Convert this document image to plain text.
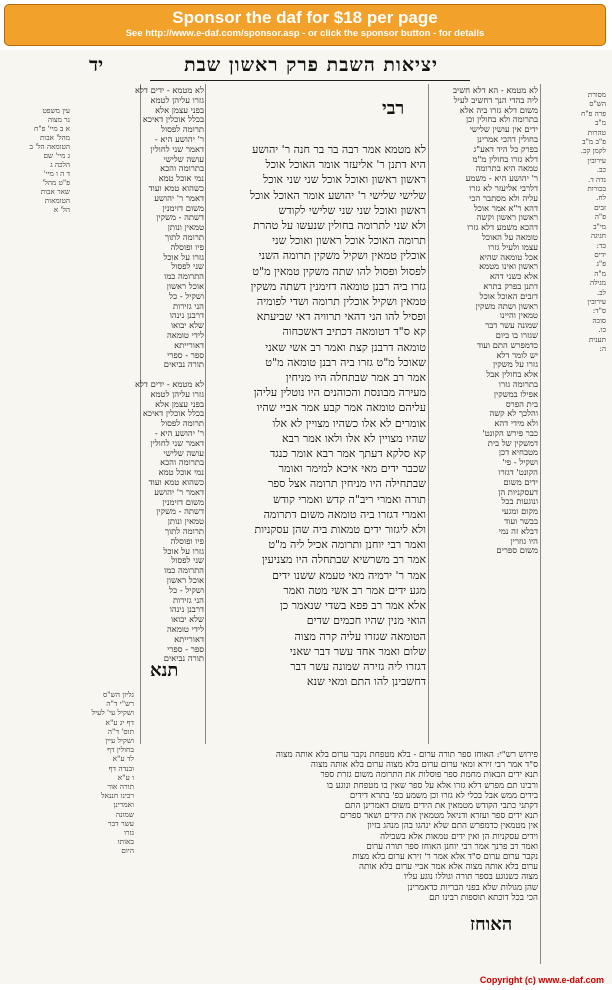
Sponsor the daf for $18 per page
See http://www.e-daf.com/sponsor.asp - or click the sponsor button - for details
יד	יציאות השבת פרק ראשון שבת
רבי
לא מטמא אמר רבה בר בר חנה ר' יהושע
היא דתנן ר' אליעזר אומר האוכל אוכל
ראשון ראשון ואוכל אוכל שני שני אוכל
שלישי שלישי ר' יהושע אומר האוכל אוכל
ראשון ואוכל שני שני שלישי לקודש
ולא שני לתרומה בחולין שנעשו על טהרת
תרומה האוכל אוכל ראשון ואוכל שני
אוכלין טמאין ושקיל משקין תרומה השני
לפסול ופסול להו שתה משקין טמאין מ"ט
גזרו ביה רבנן טומאה דזימנין דשתה משקין
טמאין ושקיל אוכלין תרומה ושדי לפומיה
ופסיל להו הני דהאי תרוויה דאי שביעתא
קא ס"ד דטומאה דכתיב דאשכחוה
טומאה דרבנן קצת ואמר רב אשי שאני
שאוכל מ"ט גזרו ביה רבנן טומאה מ"ט
אמר רב אמר שבתחלה היו מניחין
מעירה מבונסת והכוהנים היו נוטלין עליהן
עליהם טומאה אמר קבע אמר אביי שהיו
אומרים לא אלו כשהיו מצויין לא אלו
שהיו מצויין לא אלו ולאו אמר רבא
קא סלקא דעתך אמר רבא אומר כנגד
שכבר ידים מאי איכא למימר ואומר
שבתחילה היו מניחין תרומה אצל ספר
תורה ואמרי ריב"ה קדש ואמרי קודש
ואמרי דגזרו ביה טומאה משום דתרומה
ולא ליגזור ידים טמאות ביה שהן עסקניות
ואמר רבי יוחנן ותרומה אכיל ליה מ"ט
אמר רב משרשיא שבתחלה היו מצניעין
אמר ר' ירמיה מאי טעמא ששנו ידים
מגע ידים אמר רב אשי מטה ואמר
אלא אמר רב פפא בשדי שנאמר כן
הואי מנין שהיו חכמים שדים
הטומאה שגזרו עליה קרה מצוה
שלום ואמר אחד עשר דבר שאני
דגזרו ליה גזירה שמונה עשר דבר
דחשבינן להו התם ומאי שנא
לא מטמא - ידים דלא
גזרו עליהן לטמא
בפני עצמן אלא
בכלל אוכלין דאיכא
תרומה לפסול
ר' יהושע היא -
דאמר שני לחולין
עושה שלישי
בתרומה והכא
נמי אוכל טמא
כשהוא טמא ועוד
דאמר ר' יהושע
משום דזימנין
דשתה - משקין
טמאין ונותן
תרומה לתוך
פיו ופוסלה
גזרו על אוכל
שני לפסול
התרומה כמו
אוכל ראשון
ושקיל - כל
הני גזירות
דרבנן נינהו
שלא יבואו
לידי טומאה
דאורייתא
ספר - ספרי
תורה נביאים
לא מטמא - ידים דלא
גזרו עליהן לטמא
בפני עצמן אלא
בכלל אוכלין דאיכא
תרומה לפסול
ר' יהושע היא -
דאמר שני לחולין
עושה שלישי
בתרומה והכא
נמי אוכל טמא
כשהוא טמא ועוד
דאמר ר' יהושע
משום דזימנין
דשתה - משקין
טמאין ונותן
תרומה לתוך
פיו ופוסלה
גזרו על אוכל
שני לפסול
התרומה כמו
אוכל ראשון
ושקיל - כל
הני גזירות
דרבנן נינהו
שלא יבואו
לידי טומאה
דאורייתא
ספר - ספרי
תורה נביאים
לא מטמא - הא דלא חשיב
ליה בהדי הנך דחשיב לעיל
משום דלא גזרו ביה אלא
בתרומה ולא בחולין וכן
ידים אין עושין שלישי
בחולין דהכי אמרינן
בפרק כל היד דאע"ג
דלא גזרו בחולין מ"מ
טמאה היא בתרומה
ר' יהושע היא - משמע
דלרבי אליעזר לא גזרו
עליה ולא מסתבר הכי
דהא ר"א אמר אוכל
ראשון ראשון וקשה
דהכא משמע דלא גזרו
טומאה על האוכל
עצמו ולעיל גזרו
אכל טומאה שהיא
ראשון ואינו מטמא
אלא כשני דהא
דתנן בפרק בתרא
דזבים האוכל אוכל
ראשון ושתה משקין
טמאין והיינו
שמונה עשר דבר
שגזרו בו ביום
כדמפרש התם ועוד
יש לומר דלא
גזרו על משקין
אלא בחולין אבל
בתרומה גזרו
אפילו במשקין
בית הפרס
והלכך לא קשה
ולא מידי דהא
כבר פירש הקונט'
דמשקין של בית
מטבחיא דכן
ושקיל - פי'
הקונט' דגזרו
ידים משום
דעסקניות הן
ונוגעות בכל
מקום ומגעי
בבשר ועוד
דבלא זה נמי
היו גוזרין
משום ספרים
תנא
האוחז
פירוש רש"י: האוחז ספר תורה ערום - בלא מטפחת נקבר ערום בלא אותה מצוה
ס"ד אמר רבי זירא ומאי ערום ערום בלא מצוה ערום בלא אותה מצוה
תנא ידים הבאות מחמת ספר פוסלות את התרומה משום גזרת ספר
ורבינו תם מפרש דלא גזרו אלא על ספר שאין בו מטפחת ונוגע בו
בידים ממש אבל בכלי לא גזרו וכן משמע בפ' בתרא דידים
דקתני כתבי הקודש מטמאין את הידים משום דאמרינן התם
תנא ידים ספר ועזרא ודניאל מטמאין את הידים ושאר ספרים
אין מטמאין כדמפרש התם שלא ינהגו בהן מנהג בזיון
וידים עסקניות הן ואין ידים טמאות אלא בשבילה
ואמר רב פרנך אמר רבי יוחנן האוחז ספר תורה ערום
נקבר ערום ערום ס"ד אלא אמר ר' זירא ערום בלא מצות
ערום בלא אותה מצוה אלא אמר אביי ערום בלא אותה
מצוה כשנוגע בספר תורה וגוללו נוגע עליו
שהן מגולות שלא בפני הבריות כדאמרינן
הכי בכל דוכתא תוספות רבינו תם
עין משפט
נר מצוה
א ב מיי' פ"ח
מהל' אבות
הטומאה הל' ב
ג מיי' שם
הלכה ג
ד ה ו מיי'
פ"ט מהל'
שאר אבות
הטומאות
הל' א
גליון הש"ס
רש"י ד"ה
ושקיל עי' לעיל
דף יג ע"א
תוס' ד"ה
ושקיל עיין
בחולין דף
לד ע"א
ובנדה דף
ו ע"א
תורה אור
רבינו חננאל
ואמרינן
שמונה
עשר דבר
גזרו
באותו
היום
מסורת
הש"ס
פרה פ"ח
מ"ב
טהרות
פ"ב מ"ב
לקמן קכ.
עירובין
כב.
נדה ד.
בכורות
לח.
זבים
פ"ה
מי"ב
חגיגה
כד:
ידים
פ"ג
מ"ה
מגילה
לב.
עירובין
ס"ד:
סוכה
כו.
תענית
ה:
Copyright (c) www.e-daf.com
